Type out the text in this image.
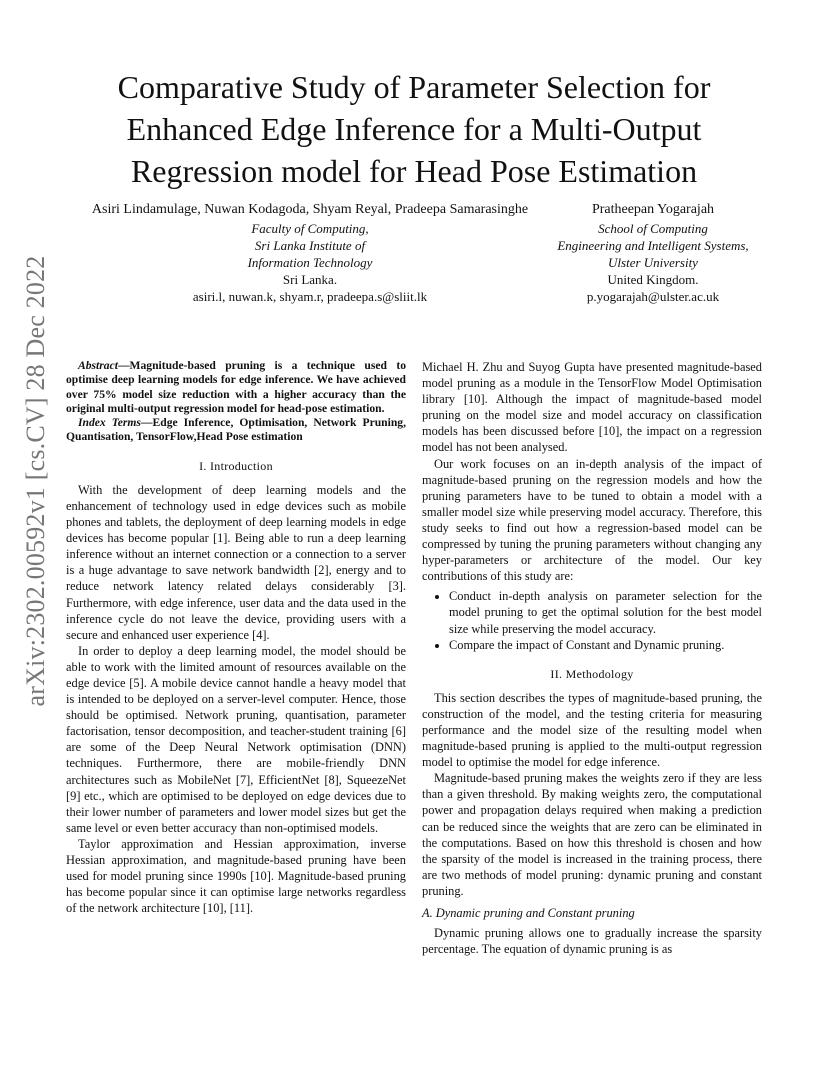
arXiv:2302.00592v1 [cs.CV] 28 Dec 2022
Comparative Study of Parameter Selection for
Enhanced Edge Inference for a Multi-Output
Regression model for Head Pose Estimation
Asiri Lindamulage, Nuwan Kodagoda, Shyam Reyal, Pradeepa Samarasinghe
Faculty of Computing,
Sri Lanka Institute of
Information Technology
Sri Lanka.
asiri.l, nuwan.k, shyam.r, pradeepa.s@sliit.lk
Pratheepan Yogarajah
School of Computing
Engineering and Intelligent Systems,
Ulster University
United Kingdom.
p.yogarajah@ulster.ac.uk

Abstract—Magnitude-based pruning is a technique used to optimise deep learning models for edge inference. We have achieved over 75% model size reduction with a higher accuracy than the original multi-output regression model for head-pose estimation.

Index Terms—Edge Inference, Optimisation, Network Pruning, Quantisation, TensorFlow,Head Pose estimation

I. Introduction

With the development of deep learning models and the enhancement of technology used in edge devices such as mobile phones and tablets, the deployment of deep learning models in edge devices has become popular [1]. Being able to run a deep learning inference without an internet connection or a connection to a server is a huge advantage to save network bandwidth [2], energy and to reduce network latency related delays considerably [3]. Furthermore, with edge inference, user data and the data used in the inference cycle do not leave the device, providing users with a secure and enhanced user experience [4].

In order to deploy a deep learning model, the model should be able to work with the limited amount of resources available on the edge device [5]. A mobile device cannot handle a heavy model that is intended to be deployed on a server-level computer. Hence, those should be optimised. Network pruning, quantisation, parameter factorisation, tensor decomposition, and teacher-student training [6] are some of the Deep Neural Network optimisation (DNN) techniques. Furthermore, there are mobile-friendly DNN architectures such as MobileNet [7], EfficientNet [8], SqueezeNet [9] etc., which are optimised to be deployed on edge devices due to their lower number of parameters and lower model sizes but get the same level or even better accuracy than non-optimised models.

Taylor approximation and Hessian approximation, inverse Hessian approximation, and magnitude-based pruning have been used for model pruning since 1990s [10]. Magnitude-based pruning has become popular since it can optimise large networks regardless of the network architecture [10], [11].

Michael H. Zhu and Suyog Gupta have presented magnitude-based model pruning as a module in the TensorFlow Model Optimisation library [10]. Although the impact of magnitude-based model pruning on the model size and model accuracy on classification models has been discussed before [10], the impact on a regression model has not been analysed.

Our work focuses on an in-depth analysis of the impact of magnitude-based pruning on the regression models and how the pruning parameters have to be tuned to obtain a model with a smaller model size while preserving model accuracy. Therefore, this study seeks to find out how a regression-based model can be compressed by tuning the pruning parameters without changing any hyper-parameters or architecture of the model. Our key contributions of this study are:

• Conduct in-depth analysis on parameter selection for the model pruning to get the optimal solution for the best model size while preserving the model accuracy.
• Compare the impact of Constant and Dynamic pruning.
II. Methodology

This section describes the types of magnitude-based pruning, the construction of the model, and the testing criteria for measuring performance and the model size of the resulting model when magnitude-based pruning is applied to the multi-output regression model to optimise the model for edge inference.

Magnitude-based pruning makes the weights zero if they are less than a given threshold. By making weights zero, the computational power and propagation delays required when making a prediction can be reduced since the weights that are zero can be eliminated in the computations. Based on how this threshold is chosen and how the sparsity of the model is increased in the training process, there are two methods of model pruning: dynamic pruning and constant pruning.

A. Dynamic pruning and Constant pruning

Dynamic pruning allows one to gradually increase the sparsity percentage. The equation of dynamic pruning is as
